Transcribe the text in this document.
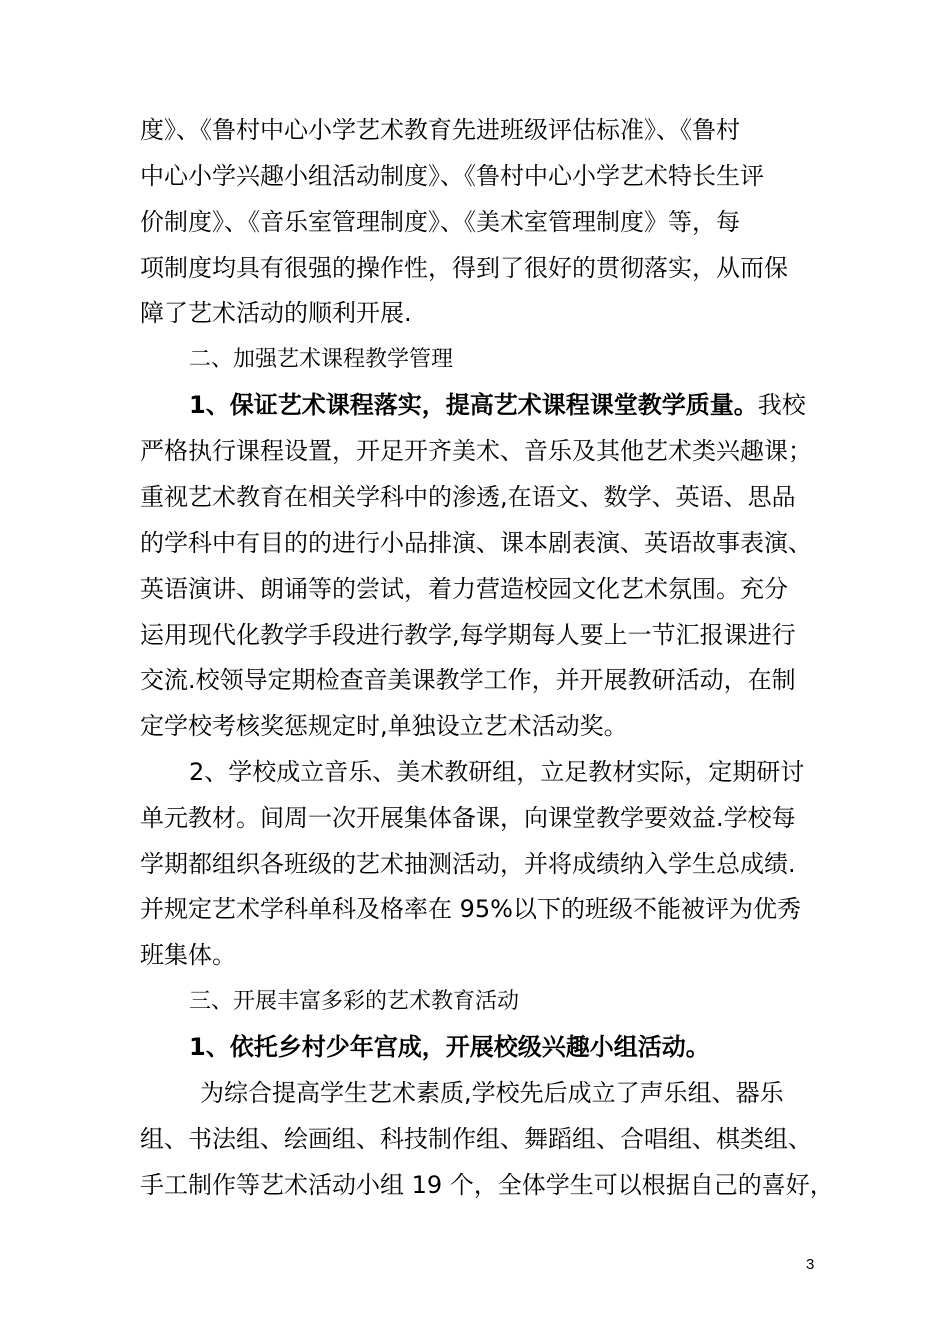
度》、《鲁村中心小学艺术教育先进班级评估标准》、《鲁村
中心小学兴趣小组活动制度》、《鲁村中心小学艺术特长生评
价制度》、《音乐室管理制度》、《美术室管理制度》等，每
项制度均具有很强的操作性，得到了很好的贯彻落实，从而保
障了艺术活动的顺利开展.
二、加强艺术课程教学管理
1、保证艺术课程落实，提高艺术课程课堂教学质量。我校
严格执行课程设置，开足开齐美术、音乐及其他艺术类兴趣课；
重视艺术教育在相关学科中的渗透,在语文、数学、英语、思品
的学科中有目的的进行小品排演、课本剧表演、英语故事表演、
英语演讲、朗诵等的尝试，着力营造校园文化艺术氛围。充分
运用现代化教学手段进行教学,每学期每人要上一节汇报课进行
交流.校领导定期检查音美课教学工作，并开展教研活动，在制
定学校考核奖惩规定时,单独设立艺术活动奖。
2、学校成立音乐、美术教研组，立足教材实际，定期研讨
单元教材。间周一次开展集体备课，向课堂教学要效益.学校每
学期都组织各班级的艺术抽测活动，并将成绩纳入学生总成绩.
并规定艺术学科单科及格率在 95%以下的班级不能被评为优秀
班集体。
三、开展丰富多彩的艺术教育活动
1、依托乡村少年宫成，开展校级兴趣小组活动。
为综合提高学生艺术素质,学校先后成立了声乐组、器乐
组、书法组、绘画组、科技制作组、舞蹈组、合唱组、棋类组、
手工制作等艺术活动小组 19 个，全体学生可以根据自己的喜好，
3
